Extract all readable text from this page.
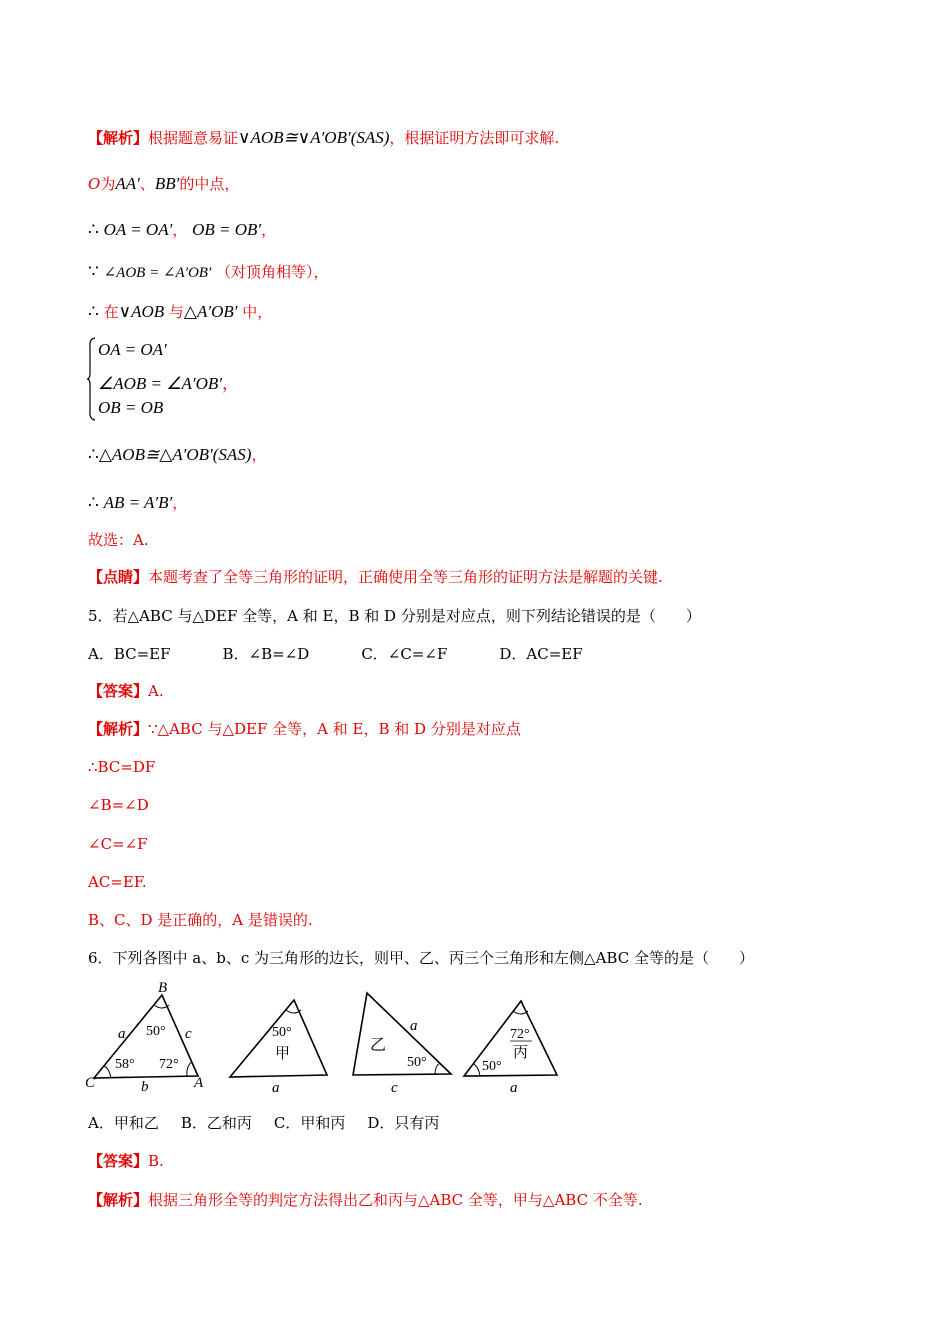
【解析】根据题意易证∨AOB≅∨A′OB′(SAS)，根据证明方法即可求解.
O为AA′、BB′的中点，
∴ OA = OA′， OB = OB′，
∵ ∠AOB = ∠A′OB′ （对顶角相等），
∴ 在∨AOB 与△A′OB′ 中，
OA = OA′
∠AOB = ∠A′OB′，
OB = OB
∴△AOB≅△A′OB′(SAS)，
∴ AB = A′B′，
故选：A.
【点睛】本题考查了全等三角形的证明，正确使用全等三角形的证明方法是解题的关键.
5．若△ABC 与△DEF 全等，A 和 E，B 和 D 分别是对应点，则下列结论错误的是（　　）
A．BC=EF	B．∠B=∠D	C．∠C=∠F	D．AC=EF
【答案】A.
【解析】∵△ABC 与△DEF 全等，A 和 E，B 和 D 分别是对应点
∴BC=DF
∠B=∠D
∠C=∠F
AC=EF.
B、C、D 是正确的，A 是错误的.
6．下列各图中 a、b、c 为三角形的边长，则甲、乙、丙三个三角形和左侧△ABC 全等的是（　　）
B
C	A
a	c
b
50°
58° 72°
50°
甲
a
乙
50°
a
c
72°
丙
50°
a
A．甲和乙 B．乙和丙 C．甲和丙 D．只有丙
【答案】B.
【解析】根据三角形全等的判定方法得出乙和丙与△ABC 全等，甲与△ABC 不全等.
